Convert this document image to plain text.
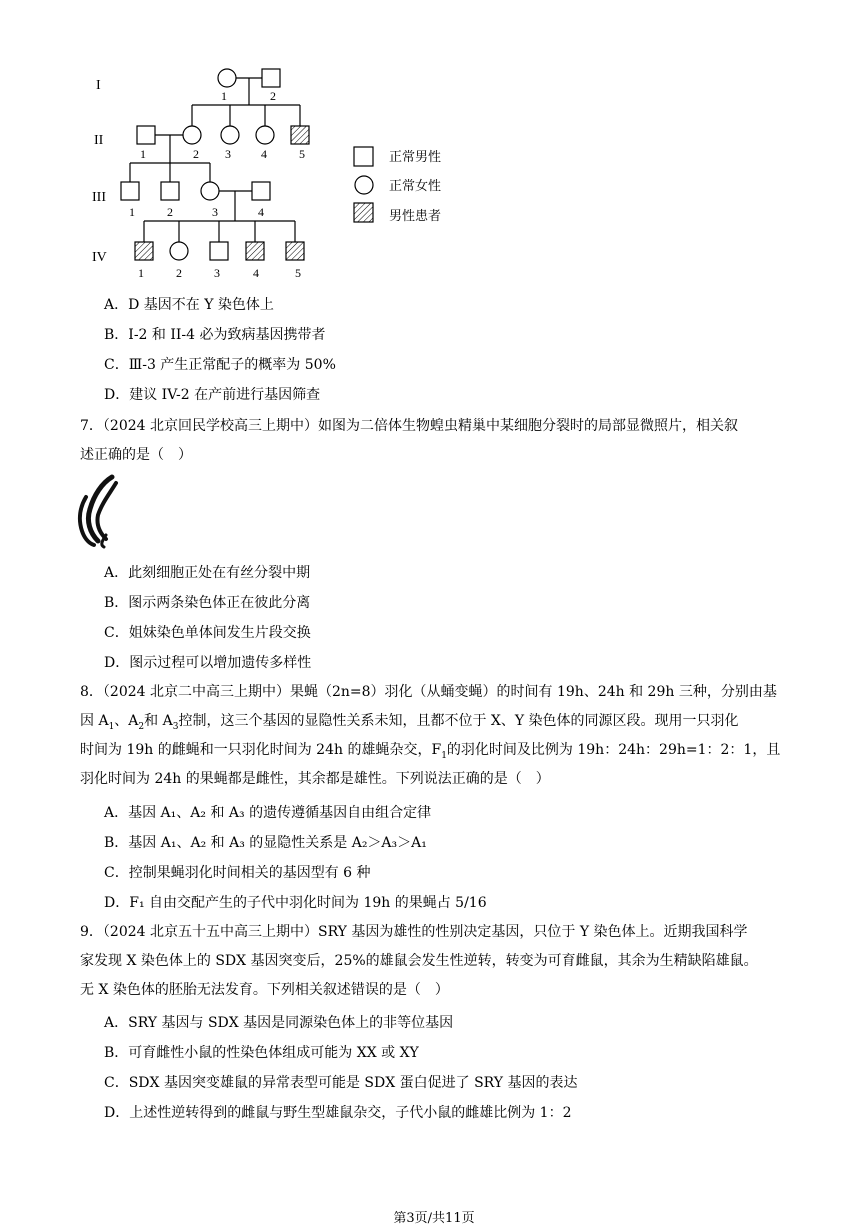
I
II
III
IV
1	2
1	2 3	4	5
1	2	3	4
1	2	3	4	5
正常男性
正常女性
男性患者
A．D 基因不在 Y 染色体上
B．I-2 和 II-4 必为致病基因携带者
C．Ⅲ-3 产生正常配子的概率为 50%
D．建议 IV-2 在产前进行基因筛查
7．（2024 北京回民学校高三上期中）如图为二倍体生物蝗虫精巢中某细胞分裂时的局部显微照片，相关叙
述正确的是（　）
A．此刻细胞正处在有丝分裂中期
B．图示两条染色体正在彼此分离
C．姐妹染色单体间发生片段交换
D．图示过程可以增加遗传多样性
8．（2024 北京二中高三上期中）果蝇（2n=8）羽化（从蛹变蝇）的时间有 19h、24h 和 29h 三种，分别由基
因 $A_1$、$A_2$和 $A_3$控制，这三个基因的显隐性关系未知，且都不位于 X、Y 染色体的同源区段。现用一只羽化
时间为 19h 的雌蝇和一只羽化时间为 24h 的雄蝇杂交，$F_1$的羽化时间及比例为 19h：24h：29h=1：2：1，且
羽化时间为 24h 的果蝇都是雌性，其余都是雄性。下列说法正确的是（　）
A．基因 A₁、A₂ 和 A₃ 的遗传遵循基因自由组合定律
B．基因 A₁、A₂ 和 A₃ 的显隐性关系是 A₂＞A₃＞A₁
C．控制果蝇羽化时间相关的基因型有 6 种
D．F₁ 自由交配产生的子代中羽化时间为 19h 的果蝇占 5/16
9．（2024 北京五十五中高三上期中）SRY 基因为雄性的性别决定基因，只位于 Y 染色体上。近期我国科学
家发现 X 染色体上的 SDX 基因突变后，25%的雄鼠会发生性逆转，转变为可育雌鼠，其余为生精缺陷雄鼠。
无 X 染色体的胚胎无法发育。下列相关叙述错误的是（　）
A．SRY 基因与 SDX 基因是同源染色体上的非等位基因
B．可育雌性小鼠的性染色体组成可能为 XX 或 XY
C．SDX 基因突变雄鼠的异常表型可能是 SDX 蛋白促进了 SRY 基因的表达
D．上述性逆转得到的雌鼠与野生型雄鼠杂交，子代小鼠的雌雄比例为 1：2
第3页/共11页
